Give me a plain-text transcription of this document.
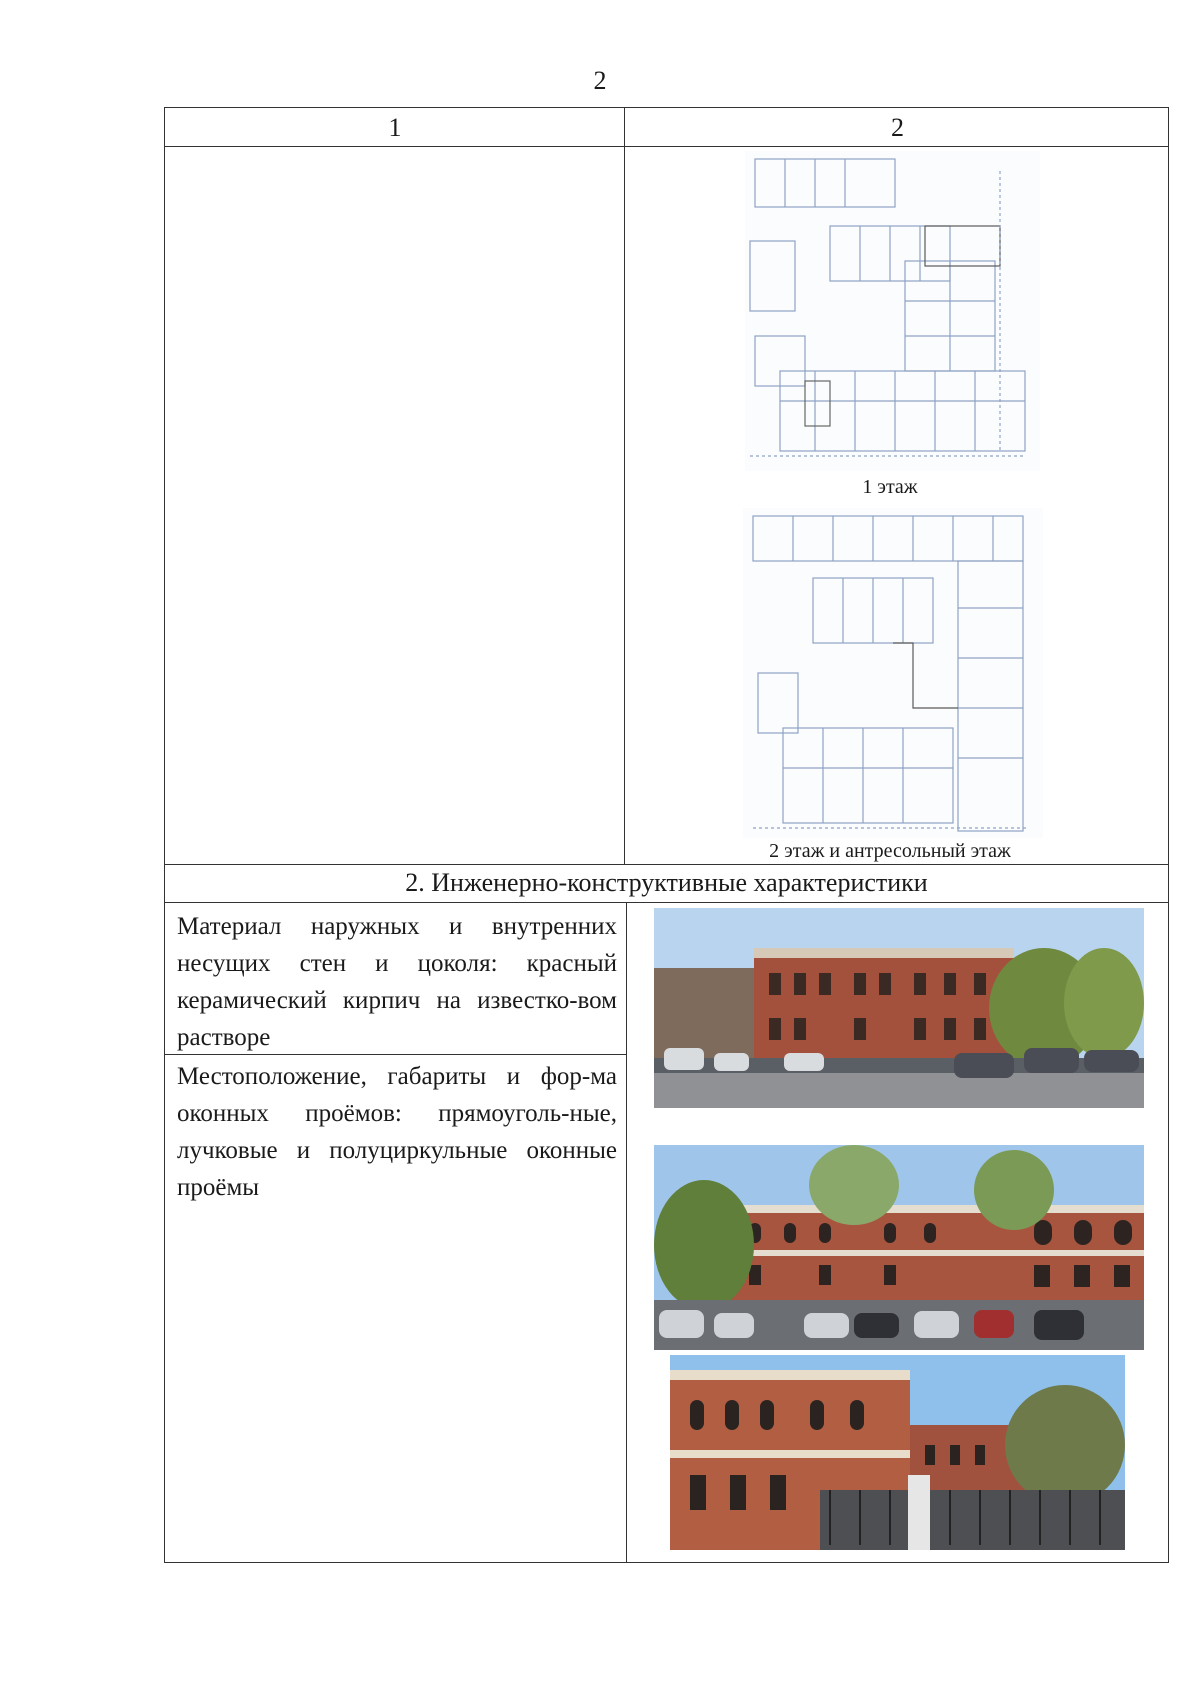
2
1	2
1 этаж
2 этаж и антресольный этаж
2. Инженерно-конструктивные характеристики
Материал наружных и внутренних несущих стен и цоколя: красный керамический кирпич на известко-вом растворе
Местоположение, габариты и фор-ма оконных проёмов: прямоуголь-ные, лучковые и полуциркульные оконные проёмы
